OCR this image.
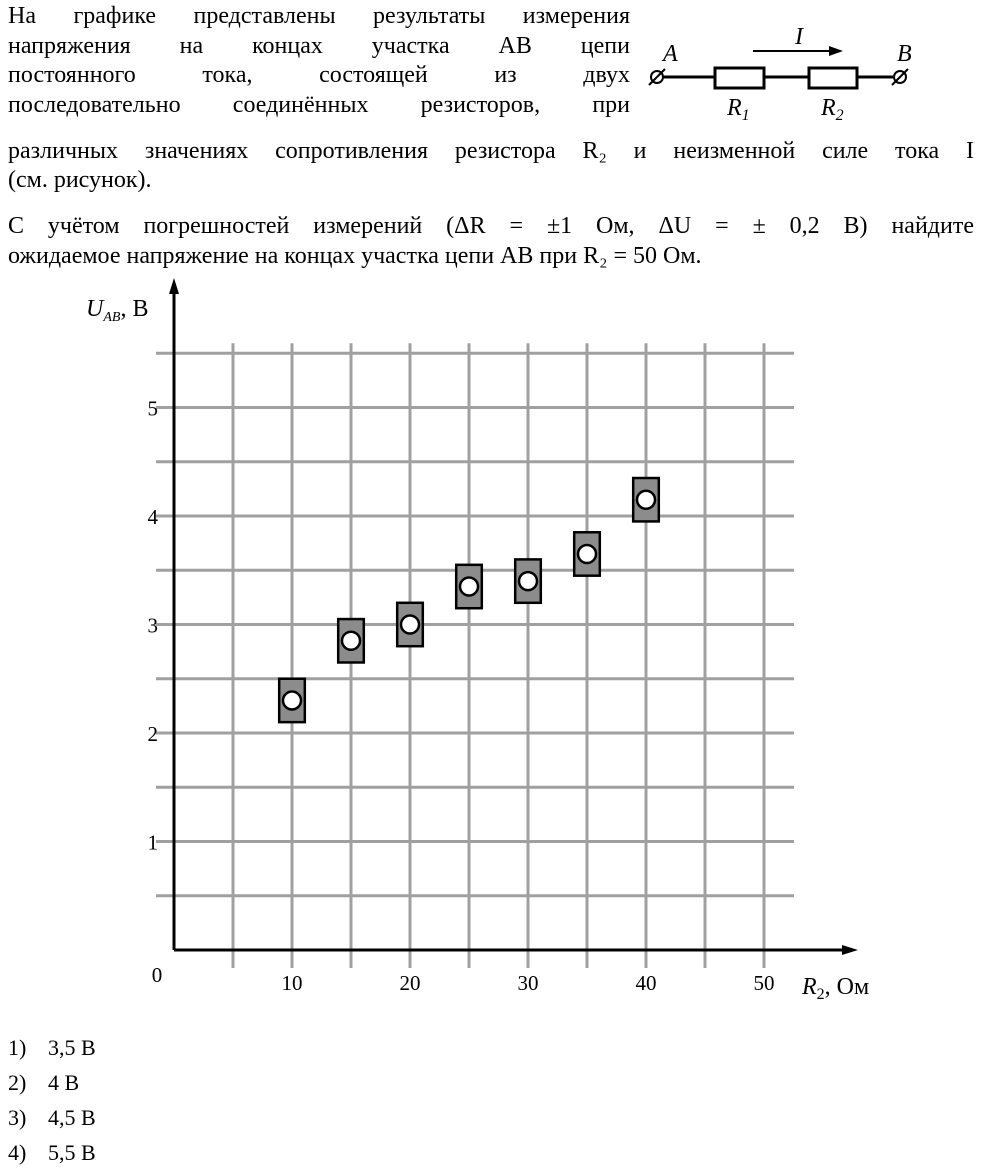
На графике представлены результаты измерения
напряжения на концах участка AB цепи
постоянного тока, состоящей из двух
последовательно соединённых резисторов, при
A	B
I
$R_1$	$R_2$
различных значениях сопротивления резистора R₂ и неизменной силе тока I
(см. рисунок).
С учётом погрешностей измерений (ΔR = ±1 Ом, ΔU = ± 0,2 В) найдите
ожидаемое напряжение на концах участка цепи AB при R₂ = 50 Ом.
10	20	30	40	50
1
2
3
4
5
0	$R_2$, Ом
$U_{AB}$, В
1) 3,5 В
2) 4 В
3) 4,5 В
4) 5,5 В
